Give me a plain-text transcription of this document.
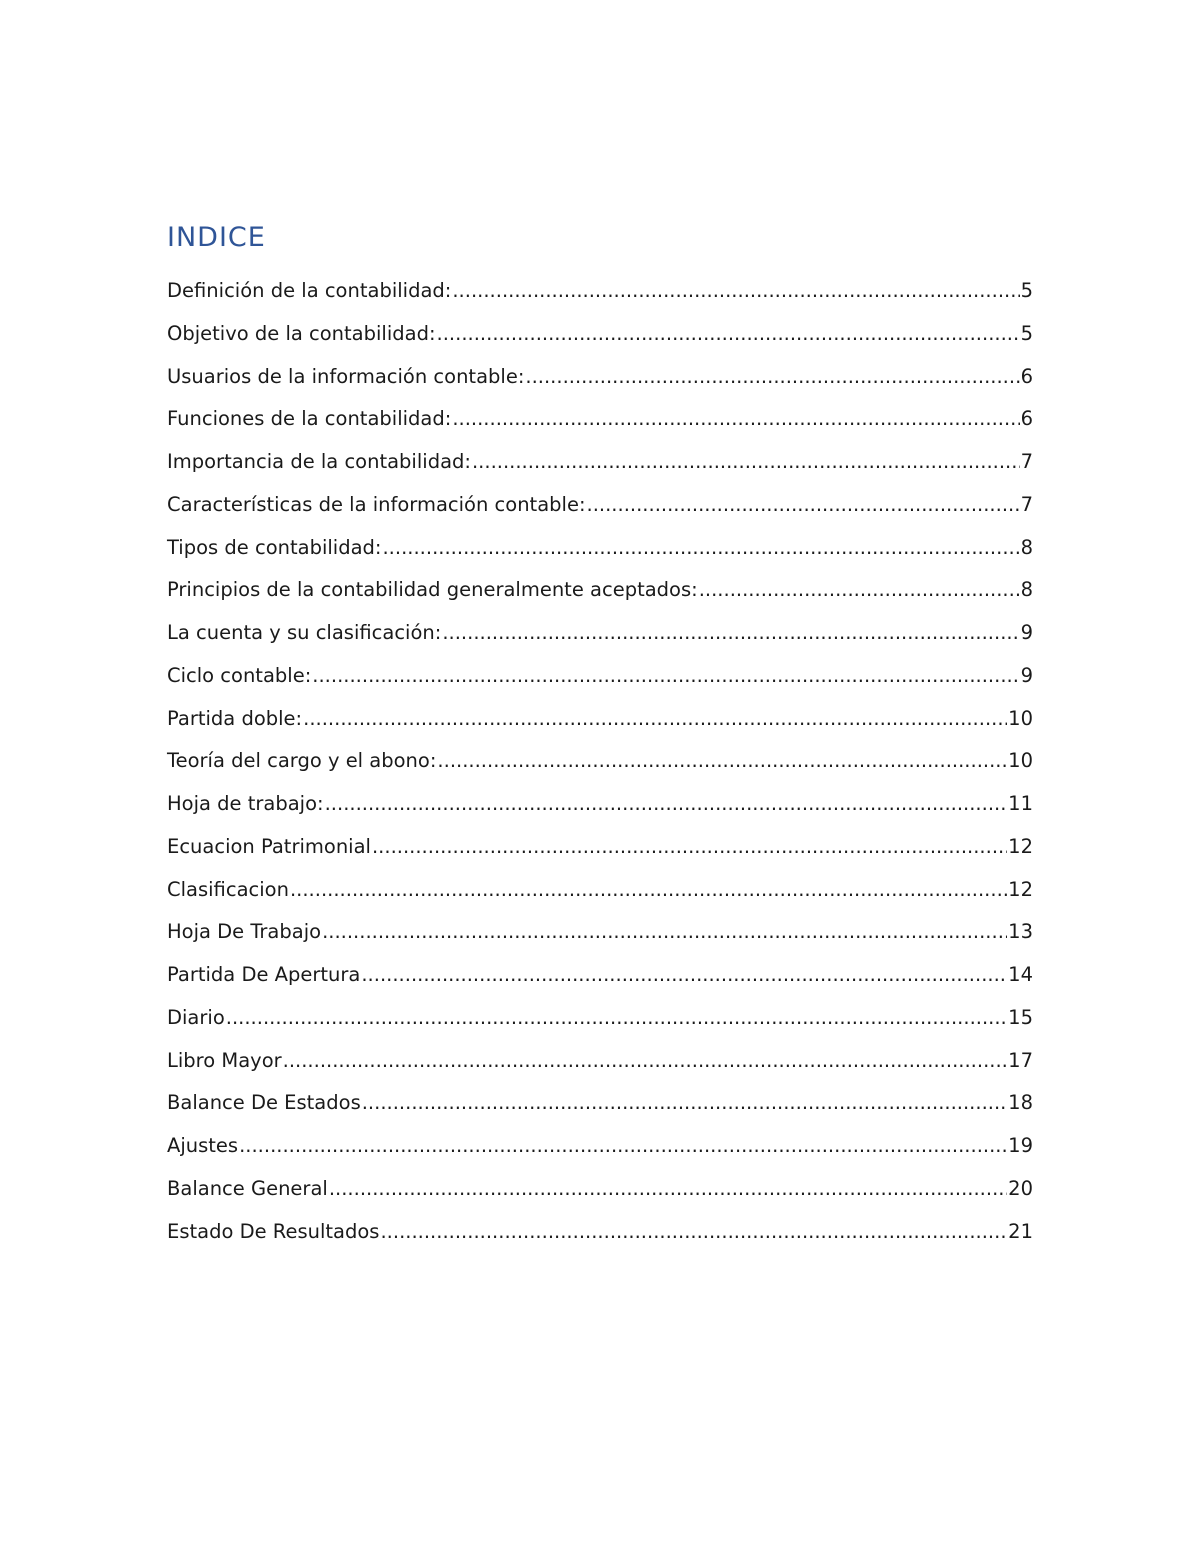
INDICE
Definición de la contabilidad: .....	5
Objetivo de la contabilidad: .....	5
Usuarios de la información contable: .....	6
Funciones de la contabilidad: .....	6
Importancia de la contabilidad: .....	7
Características de la información contable: .....	7
Tipos de contabilidad: .....	8
Principios de la contabilidad generalmente aceptados: .....	8
La cuenta y su clasificación: .....	9
Ciclo contable: .....	9
Partida doble: .....	10
Teoría del cargo y el abono: .....	10
Hoja de trabajo: .....	11
Ecuacion Patrimonial .....	12
Clasificacion .....	12
Hoja De Trabajo .....	13
Partida De Apertura .....	14
Diario .....	15
Libro Mayor .....	17
Balance De Estados .....	18
Ajustes .....	19
Balance General .....	20
Estado De Resultados .....	21
